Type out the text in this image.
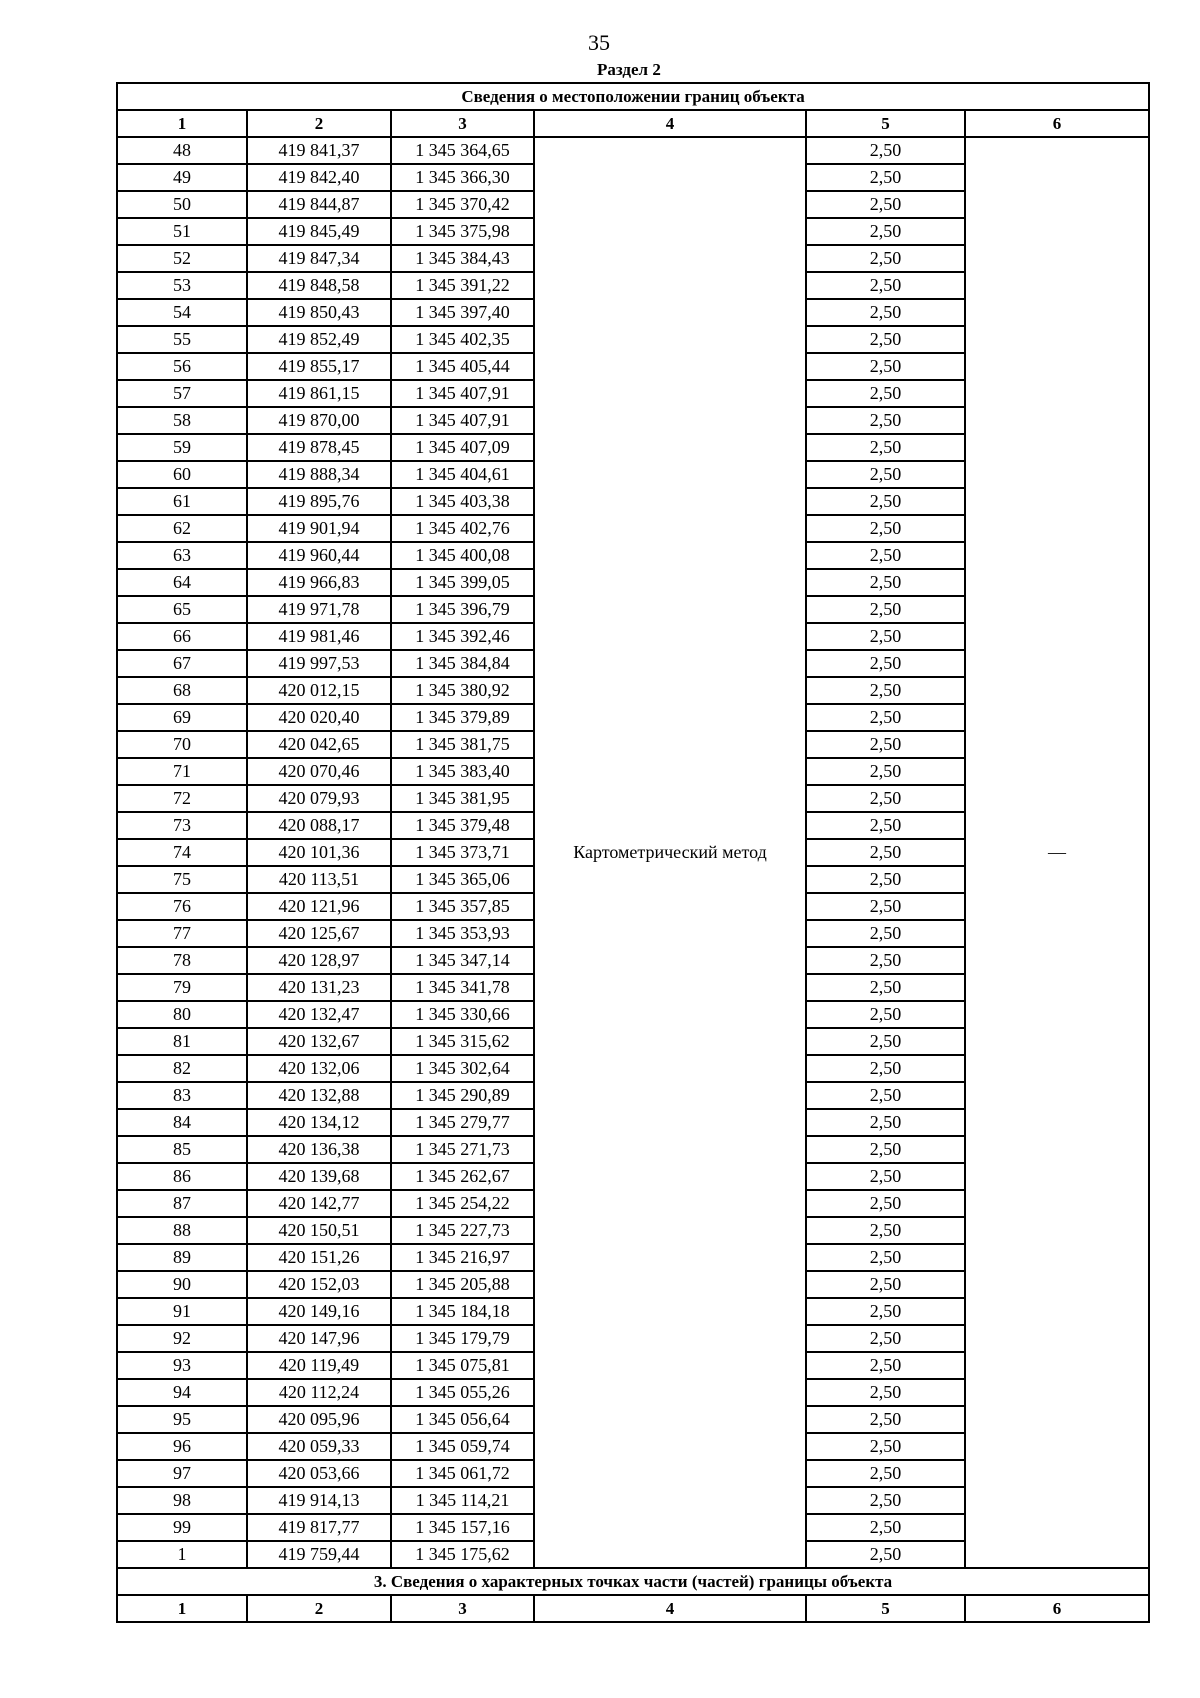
35
Раздел 2
Сведения о местоположении границ объекта					
1	2	3	4	5	6
48	419 841,37	1 345 364,65	Картометрический метод	2,50	—
49	419 842,40	1 345 366,30		2,50	
50	419 844,87	1 345 370,42		2,50	
51	419 845,49	1 345 375,98		2,50	
52	419 847,34	1 345 384,43		2,50	
53	419 848,58	1 345 391,22		2,50	
54	419 850,43	1 345 397,40		2,50	
55	419 852,49	1 345 402,35		2,50	
56	419 855,17	1 345 405,44		2,50	
57	419 861,15	1 345 407,91		2,50	
58	419 870,00	1 345 407,91		2,50	
59	419 878,45	1 345 407,09		2,50	
60	419 888,34	1 345 404,61		2,50	
61	419 895,76	1 345 403,38		2,50	
62	419 901,94	1 345 402,76		2,50	
63	419 960,44	1 345 400,08		2,50	
64	419 966,83	1 345 399,05		2,50	
65	419 971,78	1 345 396,79		2,50	
66	419 981,46	1 345 392,46		2,50	
67	419 997,53	1 345 384,84		2,50	
68	420 012,15	1 345 380,92		2,50	
69	420 020,40	1 345 379,89		2,50	
70	420 042,65	1 345 381,75		2,50	
71	420 070,46	1 345 383,40		2,50	
72	420 079,93	1 345 381,95		2,50	
73	420 088,17	1 345 379,48		2,50	
74	420 101,36	1 345 373,71		2,50	
75	420 113,51	1 345 365,06		2,50	
76	420 121,96	1 345 357,85		2,50	
77	420 125,67	1 345 353,93		2,50	
78	420 128,97	1 345 347,14		2,50	
79	420 131,23	1 345 341,78		2,50	
80	420 132,47	1 345 330,66		2,50	
81	420 132,67	1 345 315,62		2,50	
82	420 132,06	1 345 302,64		2,50	
83	420 132,88	1 345 290,89		2,50	
84	420 134,12	1 345 279,77		2,50	
85	420 136,38	1 345 271,73		2,50	
86	420 139,68	1 345 262,67		2,50	
87	420 142,77	1 345 254,22		2,50	
88	420 150,51	1 345 227,73		2,50	
89	420 151,26	1 345 216,97		2,50	
90	420 152,03	1 345 205,88		2,50	
91	420 149,16	1 345 184,18		2,50	
92	420 147,96	1 345 179,79		2,50	
93	420 119,49	1 345 075,81		2,50	
94	420 112,24	1 345 055,26		2,50	
95	420 095,96	1 345 056,64		2,50	
96	420 059,33	1 345 059,74		2,50	
97	420 053,66	1 345 061,72		2,50	
98	419 914,13	1 345 114,21		2,50	
99	419 817,77	1 345 157,16		2,50	
1	419 759,44	1 345 175,62		2,50	
3. Сведения о характерных точках части (частей) границы объекта					
1	2	3	4	5	6
